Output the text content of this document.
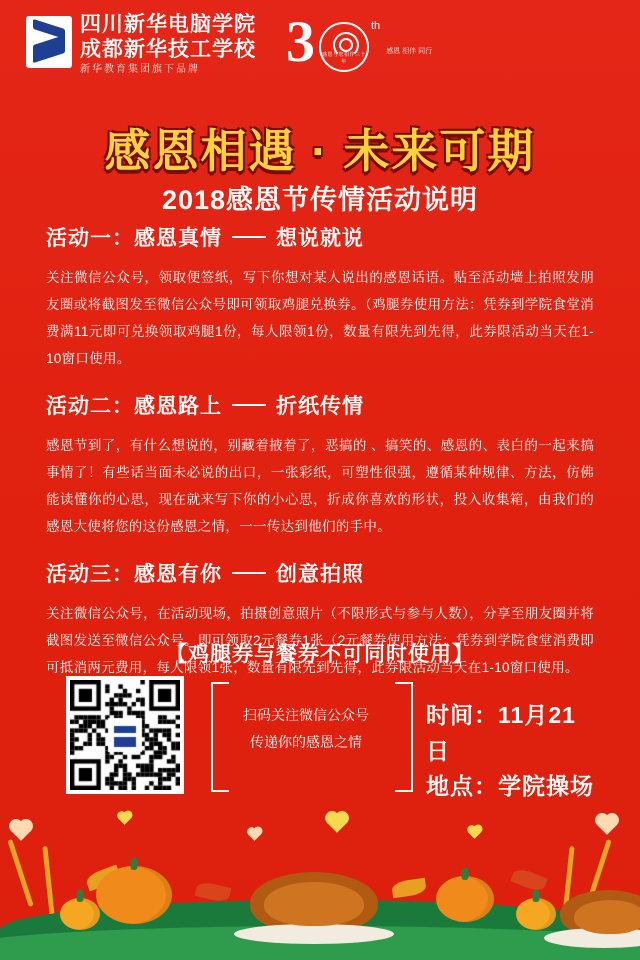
四川新华电脑学院
成都新华技工学校
新华教育集团旗下品牌	3 感恩与您相伴三十年
th
感恩 相伴 同行
感恩相遇 · 未来可期
2018感恩节传情活动说明
活动一： 感恩真情	想说就说
关注微信公众号，领取便签纸，写下你想对某人说出的感恩话语。贴至活动墙上拍照发朋友圈或将截图发至微信公众号即可领取鸡腿兑换券。（鸡腿券使用方法：凭券到学院食堂消费满11元即可兑换领取鸡腿1份，每人限领1份，数量有限先到先得，此券限活动当天在1-10窗口使用。
活动二： 感恩路上	折纸传情
感恩节到了，有什么想说的，别藏着掖着了，恶搞的 、搞笑的、感恩的、表白的一起来搞事情了！有些话当面未必说的出口，一张彩纸，可塑性很强，遵循某种规律、方法，仿佛能读懂你的心思，现在就来写下你的小心思，折成你喜欢的形状，投入收集箱，由我们的感恩大使将您的这份感恩之情，一一传达到他们的手中。
活动三： 感恩有你	创意拍照
关注微信公众号，在活动现场，拍摄创意照片（不限形式与参与人数），分享至朋友圈并将截图发送至微信公众号。即可领取2元餐券1张（2元餐券使用方法：凭券到学院食堂消费即可抵消两元费用，每人限领1张，数量有限先到先得，此券限活动当天在1-10窗口使用。
【鸡腿券与餐券不可同时使用】
扫码关注微信公众号
传递你的感恩之情
时间：11月21日
地点：学院操场
